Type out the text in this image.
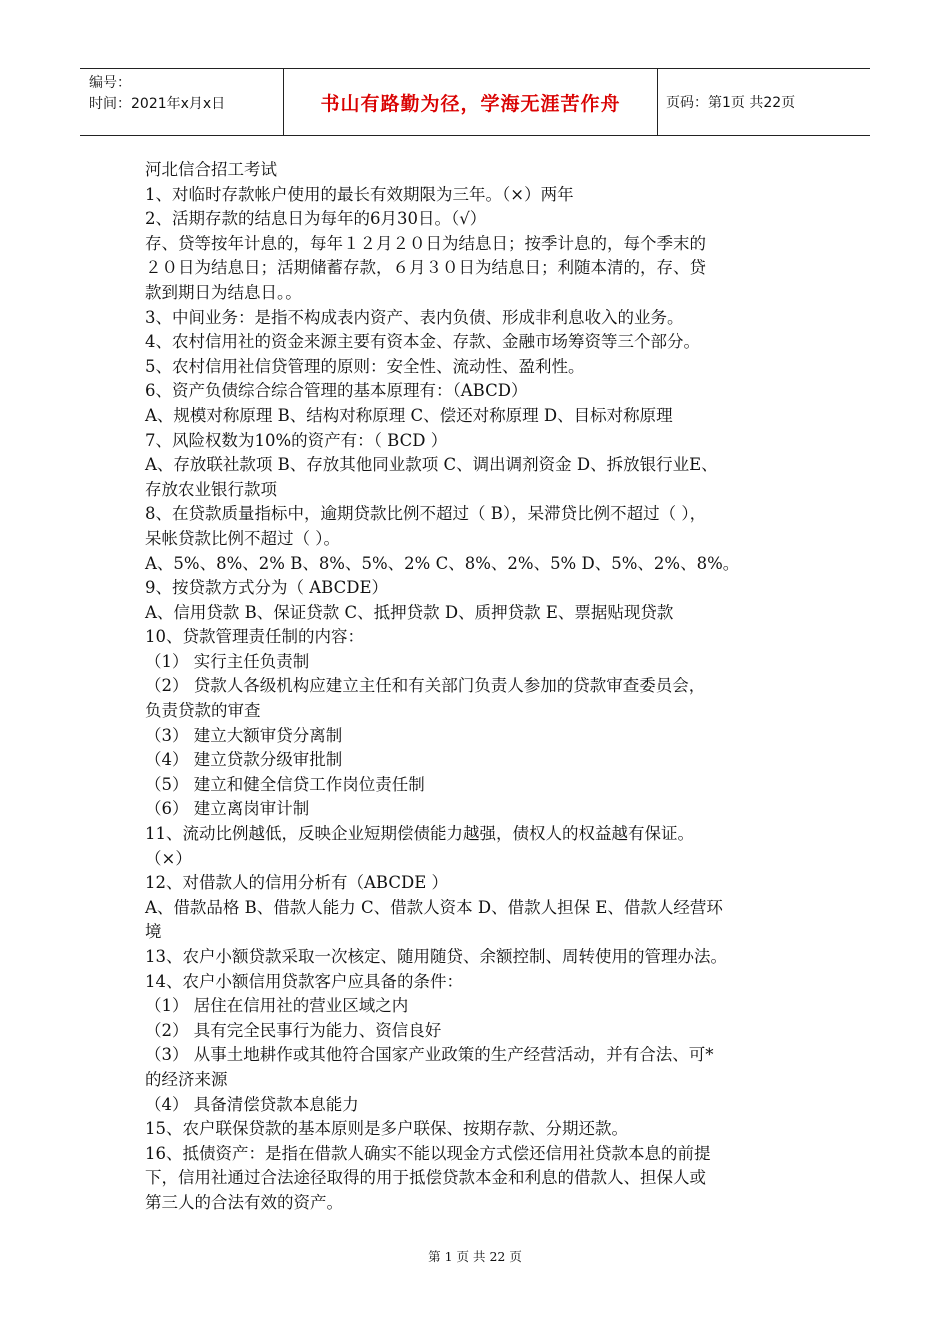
编号：
时间：2021年x月x日	书山有路勤为径，学海无涯苦作舟	页码：第1页 共22页

河北信合招工考试

1、对临时存款帐户使用的最长有效期限为三年。（×）两年

2、活期存款的结息日为每年的6月30日。（√）

存、贷等按年计息的，每年１２月２０日为结息日；按季计息的，每个季末的

２０日为结息日；活期储蓄存款，６月３０日为结息日；利随本清的，存、贷

款到期日为结息日。。

3、中间业务：是指不构成表内资产、表内负债、形成非利息收入的业务。

4、农村信用社的资金来源主要有资本金、存款、金融市场筹资等三个部分。

5、农村信用社信贷管理的原则：安全性、流动性、盈利性。

6、资产负债综合综合管理的基本原理有：（ABCD）

A、规模对称原理 B、结构对称原理 C、偿还对称原理 D、目标对称原理

7、风险权数为10%的资产有：（ BCD ）

A、存放联社款项 B、存放其他同业款项 C、调出调剂资金 D、拆放银行业E、

存放农业银行款项

8、在贷款质量指标中，逾期贷款比例不超过（ B），呆滞贷比例不超过（ ），

呆帐贷款比例不超过（ ）。

A、5%、8%、2% B、8%、5%、2% C、8%、2%、5% D、5%、2%、8%。

9、按贷款方式分为（ ABCDE）

A、信用贷款 B、保证贷款 C、抵押贷款 D、质押贷款 E、票据贴现贷款

10、贷款管理责任制的内容：

（1） 实行主任负责制

（2） 贷款人各级机构应建立主任和有关部门负责人参加的贷款审查委员会，

负责贷款的审查

（3） 建立大额审贷分离制

（4） 建立贷款分级审批制

（5） 建立和健全信贷工作岗位责任制

（6） 建立离岗审计制

11、流动比例越低，反映企业短期偿债能力越强，债权人的权益越有保证。

（×）

12、对借款人的信用分析有（ABCDE ）

A、借款品格 B、借款人能力 C、借款人资本 D、借款人担保 E、借款人经营环

境

13、农户小额贷款采取一次核定、随用随贷、余额控制、周转使用的管理办法。

14、农户小额信用贷款客户应具备的条件：

（1） 居住在信用社的营业区域之内

（2） 具有完全民事行为能力、资信良好

（3） 从事土地耕作或其他符合国家产业政策的生产经营活动，并有合法、可*

的经济来源

（4） 具备清偿贷款本息能力

15、农户联保贷款的基本原则是多户联保、按期存款、分期还款。

16、抵债资产：是指在借款人确实不能以现金方式偿还信用社贷款本息的前提

下，信用社通过合法途径取得的用于抵偿贷款本金和利息的借款人、担保人或

第三人的合法有效的资产。

第 1 页 共 22 页
